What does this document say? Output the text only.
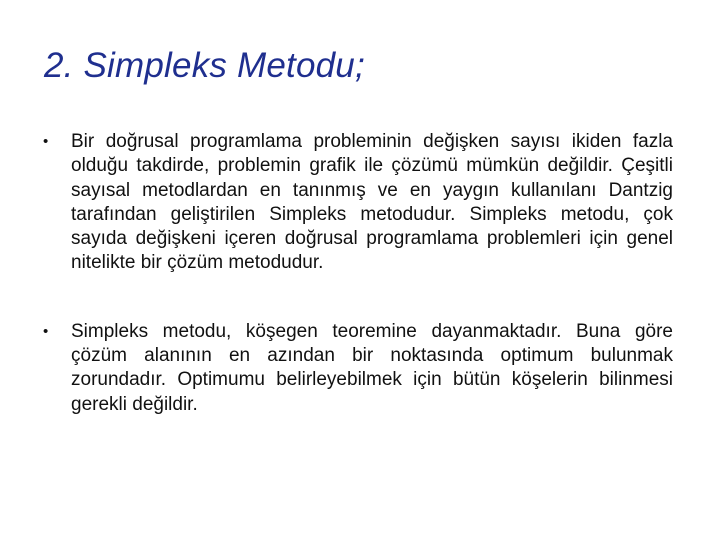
2. Simpleks Metodu;
• Bir doğrusal programlama probleminin değişken sayısı ikiden fazla olduğu takdirde, problemin grafik ile çözümü mümkün değildir. Çeşitli sayısal metodlardan en tanınmış ve en yaygın kullanılanı Dantzig tarafından geliştirilen Simpleks metodudur. Simpleks metodu, çok sayıda değişkeni içeren doğrusal programlama problemleri için genel nitelikte bir çözüm metodudur.
• Simpleks metodu, köşegen teoremine dayanmaktadır. Buna göre çözüm alanının en azından bir noktasında optimum bulunmak zorundadır. Optimumu belirleyebilmek için bütün köşelerin bilinmesi gerekli değildir.
